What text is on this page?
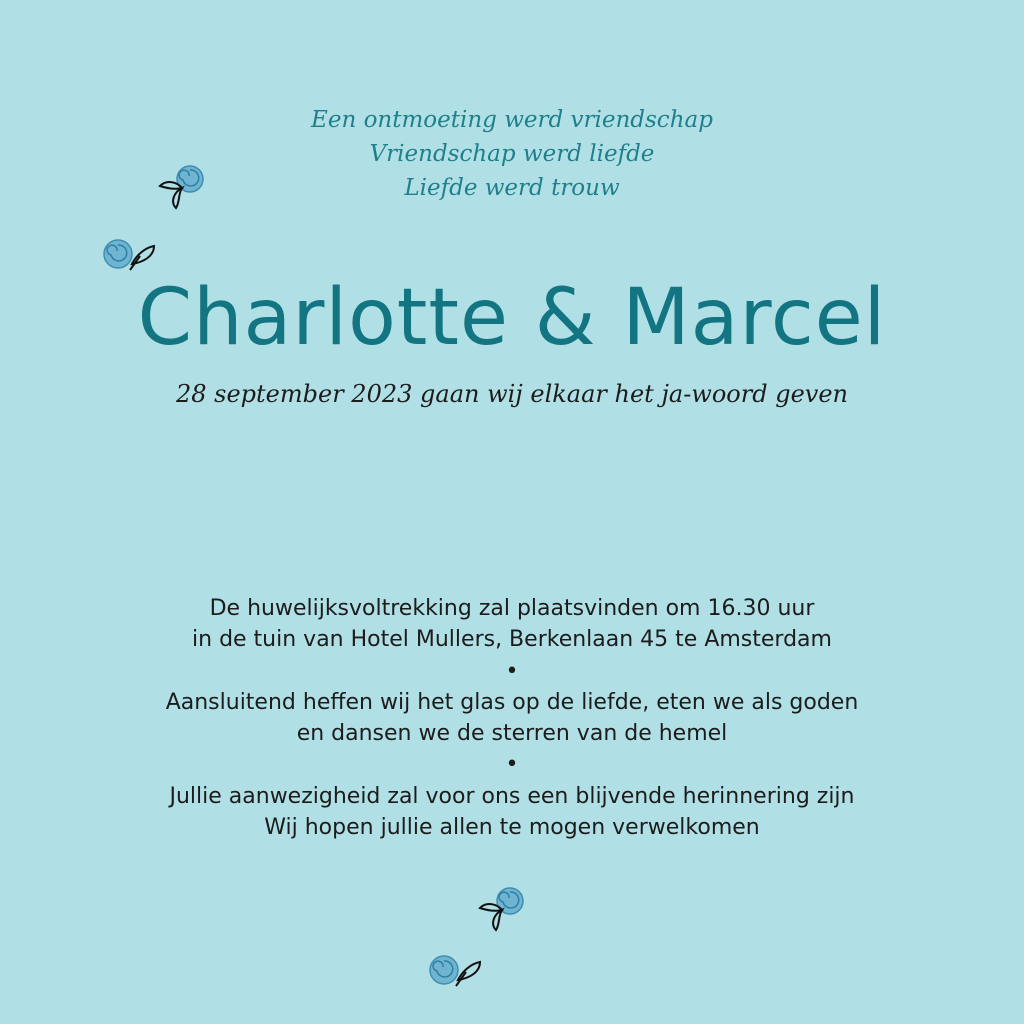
Een ontmoeting werd vriendschap
Vriendschap werd liefde
Liefde werd trouw
Charlotte & Marcel
28 september 2023 gaan wij elkaar het ja-woord geven
De huwelijksvoltrekking zal plaatsvinden om 16.30 uur
in de tuin van Hotel Mullers, Berkenlaan 45 te Amsterdam
•
Aansluitend heffen wij het glas op de liefde, eten we als goden
en dansen we de sterren van de hemel
•
Jullie aanwezigheid zal voor ons een blijvende herinnering zijn
Wij hopen jullie allen te mogen verwelkomen
